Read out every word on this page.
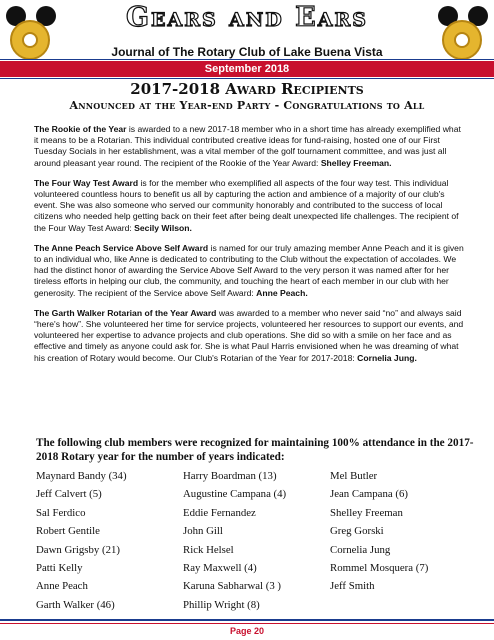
Gears and Ears
Journal of The Rotary Club of Lake Buena Vista
September 2018
2017-2018 Award Recipients
Announced at the Year-end Party - Congratulations to All

The Rookie of the Year is awarded to a new 2017-18 member who in a short time has already exemplified what it means to be a Rotarian. This individual contributed creative ideas for fund-raising, hosted one of our First Tuesday Socials in her establishment, was a vital member of the golf tournament committee, and was just all around pleasant year round. The recipient of the Rookie of the Year Award: Shelley Freeman.

The Four Way Test Award is for the member who exemplified all aspects of the four way test. This individual volunteered countless hours to benefit us all by capturing the action and ambience of a majority of our club's event. She was also someone who served our community honorably and contributed to the success of local citizens who needed help getting back on their feet after being dealt unexpected life challenges. The recipient of the Four Way Test Award: Secily Wilson.

The Anne Peach Service Above Self Award is named for our truly amazing member Anne Peach and it is given to an individual who, like Anne is dedicated to contributing to the Club without the expectation of accolades. We had the distinct honor of awarding the Service Above Self Award to the very person it was named after for her tireless efforts in helping our club, the community, and touching the heart of each member in our club with her generosity. The recipient of the Service above Self Award: Anne Peach.

The Garth Walker Rotarian of the Year Award was awarded to a member who never said “no” and always said “here's how”. She volunteered her time for service projects, volunteered her resources to support our events, and volunteered her expertise to advance projects and club operations. She did so with a smile on her face and as effective and timely as anyone could ask for. She is what Paul Harris envisioned when he was dreaming of what his creation of Rotary would become. Our Club's Rotarian of the Year for 2017-2018: Cornelia Jung.

The following club members were recognized for maintaining 100% attendance in the 2017-2018 Rotary year for the number of years indicated:
Maynard Bandy (34)	Harry Boardman (13)	Mel Butler
Jeff Calvert (5)	Augustine Campana (4)	Jean Campana (6)
Sal Ferdico	Eddie Fernandez	Shelley Freeman
Robert Gentile	John Gill	Greg Gorski
Dawn Grigsby (21)	Rick Helsel	Cornelia Jung
Patti Kelly	Ray Maxwell (4)	Rommel Mosquera (7)
Anne Peach	Karuna Sabharwal (3 )	Jeff Smith
Garth Walker (46)	Phillip Wright (8)
Page 20
